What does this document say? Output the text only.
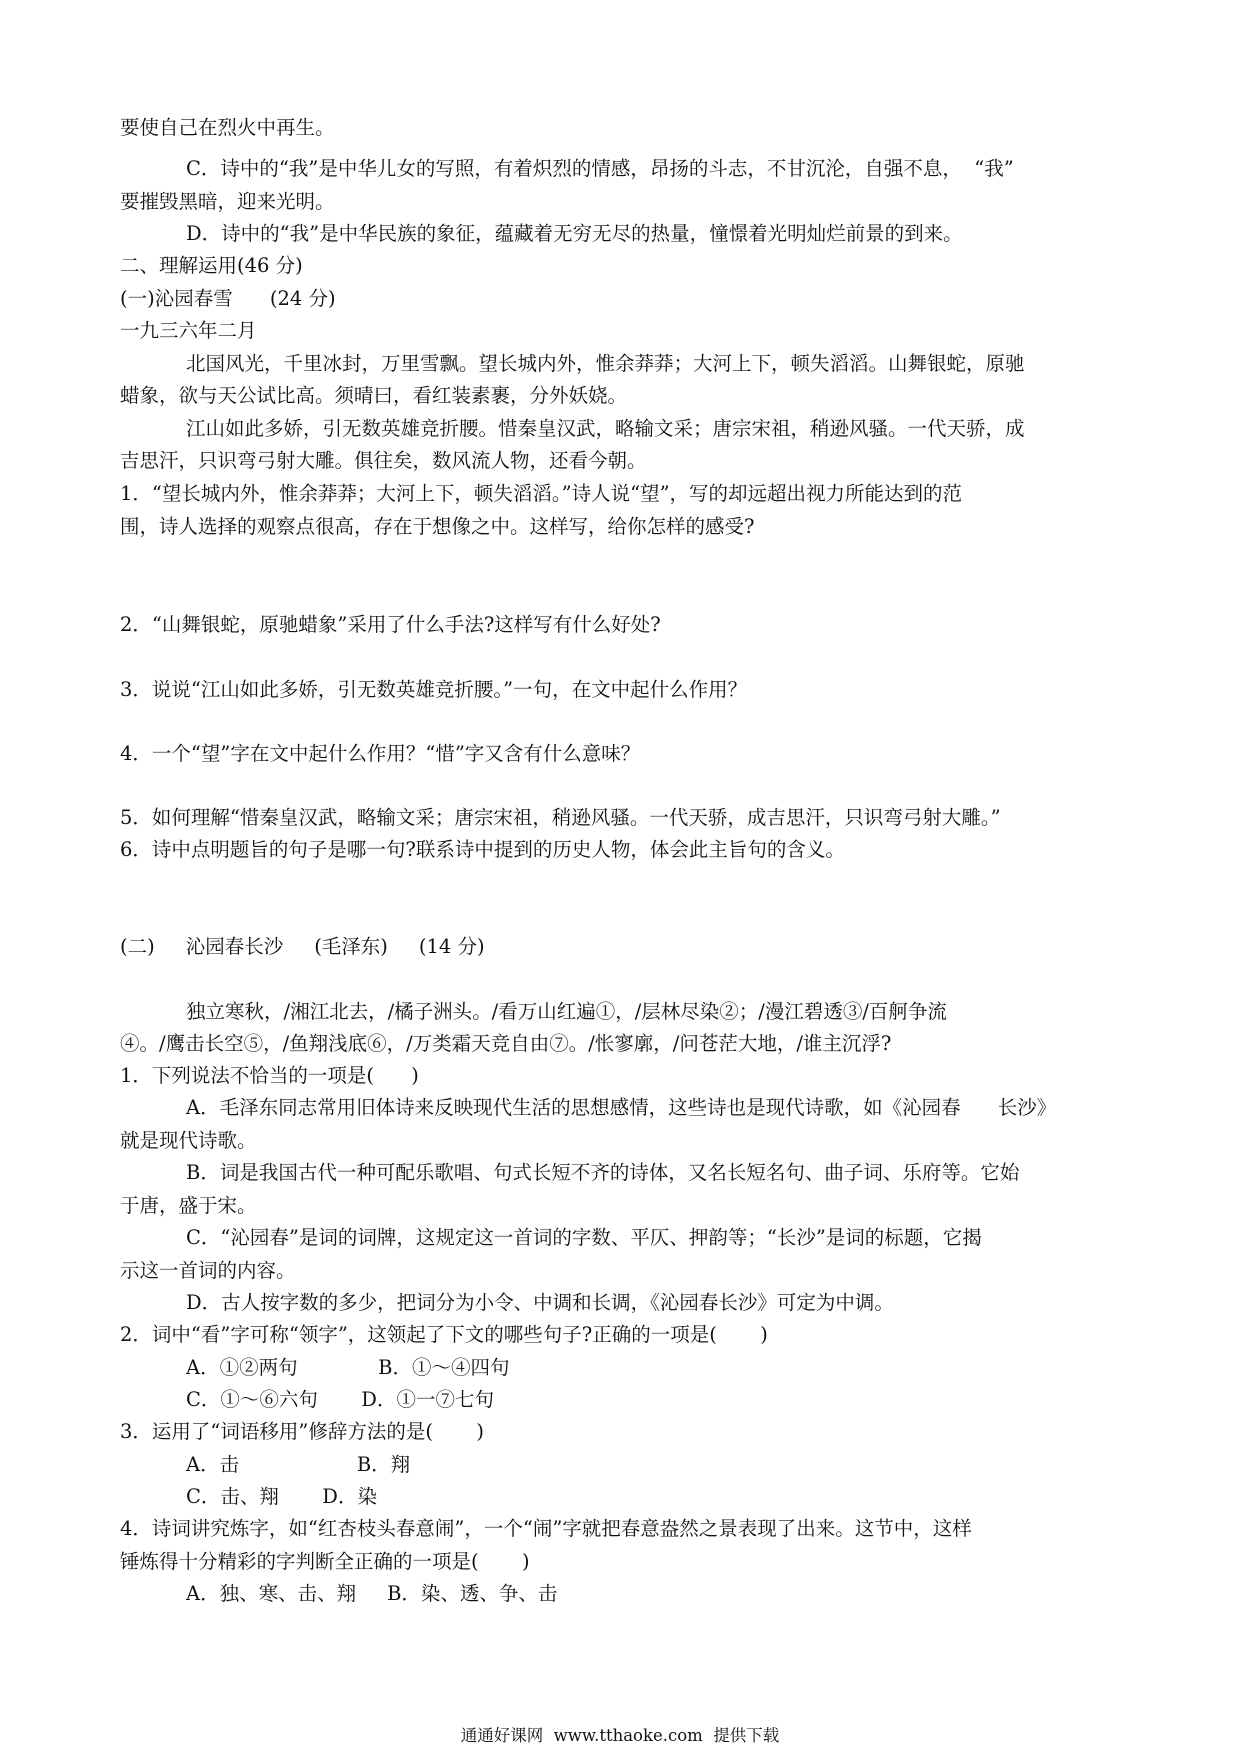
要使自己在烈火中再生。
C．诗中的“我”是中华儿女的写照，有着炽烈的情感，昂扬的斗志，不甘沉沦，自强不息，  “我”
要摧毁黑暗，迎来光明。
D．诗中的“我”是中华民族的象征，蕴藏着无穷无尽的热量，憧憬着光明灿烂前景的到来。
二、理解运用(46 分)
(一)沁园春雪      (24 分)
一九三六年二月
北国风光，千里冰封，万里雪飘。望长城内外，惟余莽莽；大河上下，顿失滔滔。山舞银蛇，原驰
蜡象，欲与天公试比高。须晴曰，看红装素裹，分外妖娆。
江山如此多娇，引无数英雄竞折腰。惜秦皇汉武，略输文采；唐宗宋祖，稍逊风骚。一代天骄，成
吉思汗，只识弯弓射大雕。俱往矣，数风流人物，还看今朝。
1．“望长城内外，惟余莽莽；大河上下，顿失滔滔。”诗人说“望”，写的却远超出视力所能达到的范
围，诗人选择的观察点很高，存在于想像之中。这样写，给你怎样的感受?
2．“山舞银蛇，原驰蜡象”采用了什么手法?这样写有什么好处?
3．说说“江山如此多娇，引无数英雄竞折腰。”一句，在文中起什么作用？
4．一个“望”字在文中起什么作用？“惜”字又含有什么意味？
5．如何理解“惜秦皇汉武，略输文采；唐宗宋祖，稍逊风骚。一代天骄，成吉思汗，只识弯弓射大雕。”
6．诗中点明题旨的句子是哪一句?联系诗中提到的历史人物，体会此主旨句的含义。
(二)     沁园春长沙     (毛泽东)     (14 分)
独立寒秋，/湘江北去，/橘子洲头。/看万山红遍①，/层林尽染②；/漫江碧透③/百舸争流
④。/鹰击长空⑤，/鱼翔浅底⑥，/万类霜天竞自由⑦。/怅寥廓，/问苍茫大地，/谁主沉浮?
1．下列说法不恰当的一项是(      )
A．毛泽东同志常用旧体诗来反映现代生活的思想感情，这些诗也是现代诗歌，如《沁园春      长沙》
就是现代诗歌。
B．词是我国古代一种可配乐歌唱、句式长短不齐的诗体，又名长短名句、曲子词、乐府等。它始
于唐，盛于宋。
C．“沁园春”是词的词牌，这规定这一首词的字数、平仄、押韵等；“长沙”是词的标题，它揭
示这一首词的内容。
D．古人按字数的多少，把词分为小令、中调和长调，《沁园春长沙》可定为中调。
2．词中“看”字可称“领字”，这领起了下文的哪些句子?正确的一项是(       )
A．①②两句             B．①～④四句
C．①～⑥六句       D．①一⑦七句
3．运用了“词语移用”修辞方法的是(       )
A．击                   B．翔
C．击、翔       D．染
4．诗词讲究炼字，如“红杏枝头春意闹”，一个“闹”字就把春意盎然之景表现了出来。这节中，这样
锤炼得十分精彩的字判断全正确的一项是(       )
A．独、寒、击、翔     B．染、透、争、击
通通好课网  www.tthaoke.com  提供下载
